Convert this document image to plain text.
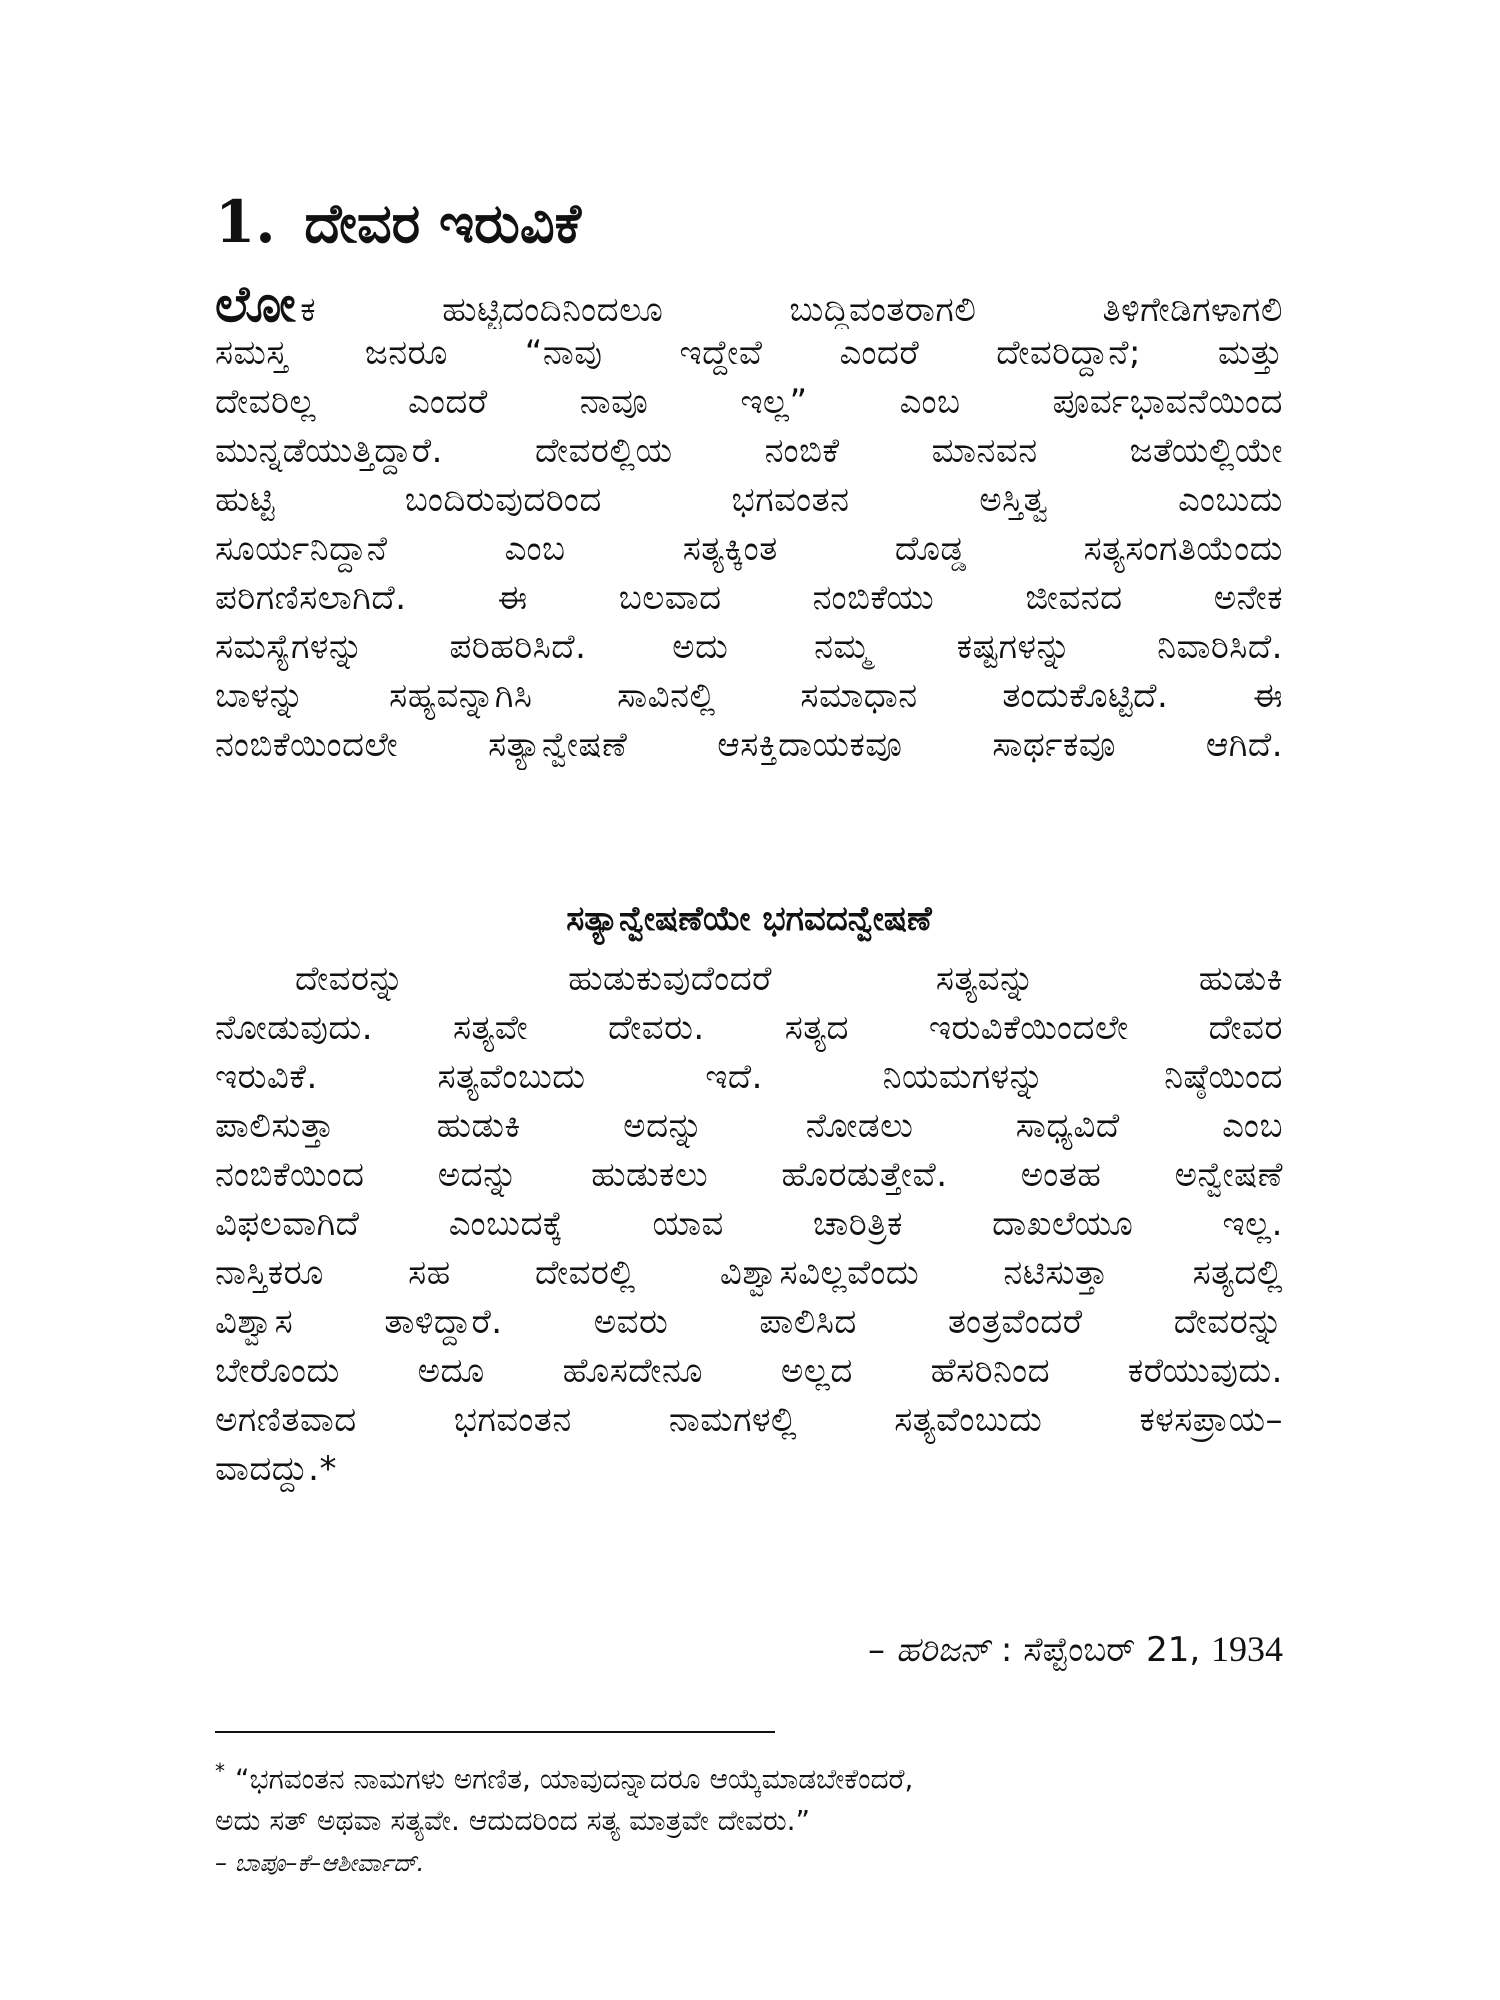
1. ದೇವರ ಇರುವಿಕೆ
ಲೋ ಕ ಹುಟ್ಟಿದಂದಿನಿಂದಲೂ ಬುದ್ಧಿವಂತರಾಗಲಿ ತಿಳಿಗೇಡಿಗಳಾಗಲಿ
ಸಮಸ್ತ ಜನರೂ “ನಾವು ಇದ್ದೇವೆ ಎಂದರೆ ದೇವರಿದ್ದಾನೆ; ಮತ್ತು
ದೇವರಿಲ್ಲ ಎಂದರೆ ನಾವೂ ಇಲ್ಲ” ಎಂಬ ಪೂರ್ವಭಾವನೆಯಿಂದ
ಮುನ್ನಡೆಯುತ್ತಿದ್ದಾರೆ. ದೇವರಲ್ಲಿಯ ನಂಬಿಕೆ ಮಾನವನ ಜತೆಯಲ್ಲಿಯೇ
ಹುಟ್ಟಿ ಬಂದಿರುವುದರಿಂದ ಭಗವಂತನ ಅಸ್ತಿತ್ವ ಎಂಬುದು
ಸೂರ್ಯನಿದ್ದಾನೆ ಎಂಬ ಸತ್ಯಕ್ಕಿಂತ ದೊಡ್ಡ ಸತ್ಯಸಂಗತಿಯೆಂದು
ಪರಿಗಣಿಸಲಾಗಿದೆ. ಈ ಬಲವಾದ ನಂಬಿಕೆಯು ಜೀವನದ ಅನೇಕ
ಸಮಸ್ಯೆಗಳನ್ನು ಪರಿಹರಿಸಿದೆ. ಅದು ನಮ್ಮ ಕಷ್ಟಗಳನ್ನು ನಿವಾರಿಸಿದೆ.
ಬಾಳನ್ನು ಸಹ್ಯವನ್ನಾಗಿಸಿ ಸಾವಿನಲ್ಲಿ ಸಮಾಧಾನ ತಂದುಕೊಟ್ಟಿದೆ. ಈ
ನಂಬಿಕೆಯಿಂದಲೇ ಸತ್ಯಾನ್ವೇಷಣೆ ಆಸಕ್ತಿದಾಯಕವೂ ಸಾರ್ಥಕವೂ ಆಗಿದೆ.
ಸತ್ಯಾನ್ವೇಷಣೆಯೇ ಭಗವದನ್ವೇಷಣೆ
ದೇವರನ್ನು ಹುಡುಕುವುದೆಂದರೆ ಸತ್ಯವನ್ನು ಹುಡುಕಿ
ನೋಡುವುದು. ಸತ್ಯವೇ ದೇವರು. ಸತ್ಯದ ಇರುವಿಕೆಯಿಂದಲೇ ದೇವರ
ಇರುವಿಕೆ. ಸತ್ಯವೆಂಬುದು ಇದೆ. ನಿಯಮಗಳನ್ನು ನಿಷ್ಠೆಯಿಂದ
ಪಾಲಿಸುತ್ತಾ ಹುಡುಕಿ ಅದನ್ನು ನೋಡಲು ಸಾಧ್ಯವಿದೆ ಎಂಬ
ನಂಬಿಕೆಯಿಂದ ಅದನ್ನು ಹುಡುಕಲು ಹೊರಡುತ್ತೇವೆ. ಅಂತಹ ಅನ್ವೇಷಣೆ
ವಿಫಲವಾಗಿದೆ ಎಂಬುದಕ್ಕೆ ಯಾವ ಚಾರಿತ್ರಿಕ ದಾಖಲೆಯೂ ಇಲ್ಲ.
ನಾಸ್ತಿಕರೂ ಸಹ ದೇವರಲ್ಲಿ ವಿಶ್ವಾಸವಿಲ್ಲವೆಂದು ನಟಿಸುತ್ತಾ ಸತ್ಯದಲ್ಲಿ
ವಿಶ್ವಾಸ ತಾಳಿದ್ದಾರೆ. ಅವರು ಪಾಲಿಸಿದ ತಂತ್ರವೆಂದರೆ ದೇವರನ್ನು
ಬೇರೊಂದು ಅದೂ ಹೊಸದೇನೂ ಅಲ್ಲದ ಹೆಸರಿನಿಂದ ಕರೆಯುವುದು.
ಅಗಣಿತವಾದ ಭಗವಂತನ ನಾಮಗಳಲ್ಲಿ ಸತ್ಯವೆಂಬುದು ಕಳಸಪ್ರಾಯ–
ವಾದದ್ದು.*
– ಹರಿಜನ್ : ಸೆಪ್ಟೆಂಬರ್ 21, 1934
* “ಭಗವಂತನ ನಾಮಗಳು ಅಗಣಿತ, ಯಾವುದನ್ನಾದರೂ ಆಯ್ಕೆಮಾಡಬೇಕೆಂದರೆ,
ಅದು ಸತ್ ಅಥವಾ ಸತ್ಯವೇ. ಆದುದರಿಂದ ಸತ್ಯ ಮಾತ್ರವೇ ದೇವರು.”
– ಬಾಪೂ–ಕೆ–ಆಶೀರ್ವಾದ್.
